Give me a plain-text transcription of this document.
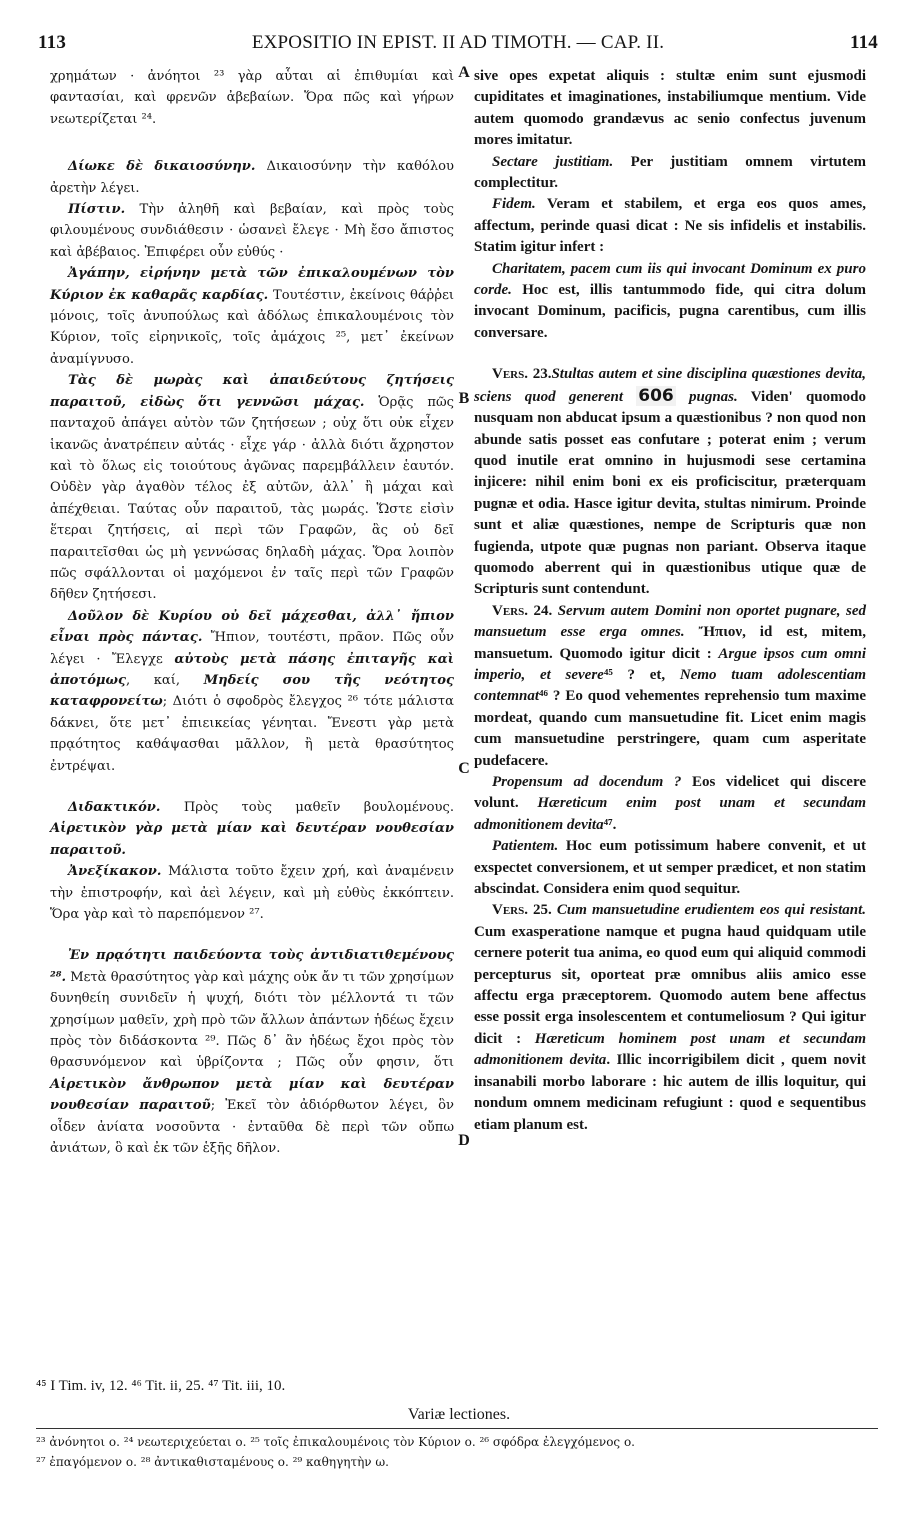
113	EXPOSITIO IN EPIST. II AD TIMOTH. — CAP. II.	114
A
B
C
D

χρημάτων · ἀνόητοι ²³ γὰρ αὗται αἱ ἐπιθυμίαι καὶ φαντασίαι, καὶ φρενῶν ἀβεβαίων. Ὅρα πῶς καὶ γήρων νεωτερίζεται ²⁴.

Δίωκε δὲ δικαιοσύνην. Δικαιοσύνην τὴν καθόλου ἀρετὴν λέγει.

Πίστιν. Τὴν ἀληθῆ καὶ βεβαίαν, καὶ πρὸς τοὺς φιλουμένους συνδιάθεσιν · ὡσανεὶ ἔλεγε · Μὴ ἔσο ἄπιστος καὶ ἀβέβαιος. Ἐπιφέρει οὖν εὐθύς ·

Ἀγάπην, εἰρήνην μετὰ τῶν ἐπικαλουμένων τὸν Κύριον ἐκ καθαρᾶς καρδίας. Τουτέστιν, ἐκείνοις θάῤῥει μόνοις, τοῖς ἀνυπούλως καὶ ἀδόλως ἐπικαλουμένοις τὸν Κύριον, τοῖς εἰρηνικοῖς, τοῖς ἀμάχοις ²⁵, μετ᾽ ἐκείνων ἀναμίγνυσο.

Τὰς δὲ μωρὰς καὶ ἀπαιδεύτους ζητήσεις παραιτοῦ, εἰδὼς ὅτι γεννῶσι μάχας. Ὁρᾷς πῶς πανταχοῦ ἀπάγει αὐτὸν τῶν ζητήσεων ; οὐχ ὅτι οὐκ εἶχεν ἱκανῶς ἀνατρέπειν αὐτάς · εἶχε γάρ · ἀλλὰ διότι ἄχρηστον καὶ τὸ ὅλως εἰς τοιούτους ἀγῶνας παρεμβάλλειν ἑαυτόν. Οὐδὲν γὰρ ἀγαθὸν τέλος ἐξ αὐτῶν, ἀλλ᾽ ἢ μάχαι καὶ ἀπέχθειαι. Ταύτας οὖν παραιτοῦ, τὰς μωράς. Ὥστε εἰσὶν ἕτεραι ζητήσεις, αἱ περὶ τῶν Γραφῶν, ἃς οὐ δεῖ παραιτεῖσθαι ὡς μὴ γεννώσας δηλαδὴ μάχας. Ὅρα λοιπὸν πῶς σφάλλονται οἱ μαχόμενοι ἐν ταῖς περὶ τῶν Γραφῶν δῆθεν ζητήσεσι.

Δοῦλον δὲ Κυρίου οὐ δεῖ μάχεσθαι, ἀλλ᾽ ἤπιον εἶναι πρὸς πάντας. Ἤπιον, τουτέστι, πρᾶον. Πῶς οὖν λέγει · Ἔλεγχε αὐτοὺς μετὰ πάσης ἐπιταγῆς καὶ ἀποτόμως, καί, Μηδείς σου τῆς νεότητος καταφρονείτω; Διότι ὁ σφοδρὸς ἔλεγχος ²⁶ τότε μάλιστα δάκνει, ὅτε μετ᾽ ἐπιεικείας γένηται. Ἔνεστι γὰρ μετὰ πρᾳότητος καθάψασθαι μᾶλλον, ἢ μετὰ θρασύτητος ἐντρέψαι.

Διδακτικόν. Πρὸς τοὺς μαθεῖν βουλομένους. Αἱρετικὸν γὰρ μετὰ μίαν καὶ δευτέραν νουθεσίαν παραιτοῦ.

Ἀνεξίκακον. Μάλιστα τοῦτο ἔχειν χρή, καὶ ἀναμένειν τὴν ἐπιστροφήν, καὶ ἀεὶ λέγειν, καὶ μὴ εὐθὺς ἐκκόπτειν. Ὅρα γὰρ καὶ τὸ παρεπόμενον ²⁷.

Ἐν πρᾳότητι παιδεύοντα τοὺς ἀντιδιατιθεμένους ²⁸. Μετὰ θρασύτητος γὰρ καὶ μάχης οὐκ ἄν τι τῶν χρησίμων δυνηθείη συνιδεῖν ἡ ψυχή, διότι τὸν μέλλοντά τι τῶν χρησίμων μαθεῖν, χρὴ πρὸ τῶν ἄλλων ἀπάντων ἡδέως ἔχειν πρὸς τὸν διδάσκοντα ²⁹. Πῶς δ᾽ ἂν ἡδέως ἔχοι πρὸς τὸν θρασυνόμενον καὶ ὑβρίζοντα ; Πῶς οὖν φησιν, ὅτι Αἱρετικὸν ἄνθρωπον μετὰ μίαν καὶ δευτέραν νουθεσίαν παραιτοῦ; Ἐκεῖ τὸν ἀδιόρθωτον λέγει, ὃν οἶδεν ἀνίατα νοσοῦντα · ἐνταῦθα δὲ περὶ τῶν οὔπω ἀνιάτων, ὃ καὶ ἐκ τῶν ἑξῆς δῆλον.

sive opes expetat aliquis : stultæ enim sunt ejusmodi cupiditates et imaginationes, instabiliumque mentium. Vide autem quomodo grandævus ac senio confectus juvenum mores imitatur.

Sectare justitiam. Per justitiam omnem virtutem complectitur.

Fidem. Veram et stabilem, et erga eos quos ames, affectum, perinde quasi dicat : Ne sis infidelis et instabilis. Statim igitur infert :

Charitatem, pacem cum iis qui invocant Dominum ex puro corde. Hoc est, illis tantummodo fide, qui citra dolum invocant Dominum, pacificis, pugna carentibus, cum illis conversare.

Vers. 23.Stultas autem et sine disciplina quæstiones devita, sciens quod generent 606 pugnas. Viden' quomodo nusquam non abducat ipsum a quæstionibus ? non quod non abunde satis posset eas confutare ; poterat enim ; verum quod inutile erat omnino in hujusmodi sese certamina injicere: nihil enim boni ex eis proficiscitur, præterquam pugnæ et odia. Hasce igitur devita, stultas nimirum. Proinde sunt et aliæ quæstiones, nempe de Scripturis quæ non fugienda, utpote quæ pugnas non pariant. Observa itaque quomodo aberrent qui in quæstionibus utique quæ de Scripturis sunt contendunt.

Vers. 24. Servum autem Domini non oportet pugnare, sed mansuetum esse erga omnes. Ἤπιον, id est, mitem, mansuetum. Quomodo igitur dicit : Argue ipsos cum omni imperio, et severe⁴⁵ ? et, Nemo tuam adolescentiam contemnat⁴⁶ ? Eo quod vehementes reprehensio tum maxime mordeat, quando cum mansuetudine fit. Licet enim magis cum mansuetudine perstringere, quam cum asperitate pudefacere.

Propensum ad docendum ? Eos videlicet qui discere volunt. Hæreticum enim post unam et secundam admonitionem devita⁴⁷.

Patientem. Hoc eum potissimum habere convenit, et ut exspectet conversionem, et ut semper prædicet, et non statim abscindat. Considera enim quod sequitur.

Vers. 25. Cum mansuetudine erudientem eos qui resistant. Cum exasperatione namque et pugna haud quidquam utile cernere poterit tua anima, eo quod eum qui aliquid commodi percepturus sit, oporteat præ omnibus aliis amico esse affectu erga præceptorem. Quomodo autem bene affectus esse possit erga insolescentem et contumeliosum ? Qui igitur dicit : Hæreticum hominem post unam et secundam admonitionem devita. Illic incorrigibilem dicit , quem novit insanabili morbo laborare : hic autem de illis loquitur, qui nondum omnem medicinam refugiunt : quod e sequentibus etiam planum est.

⁴⁵ I Tim. iv, 12. ⁴⁶ Tit. ii, 25. ⁴⁷ Tit. iii, 10.
Variæ lectiones.
²³ ἀνόνητοι ο. ²⁴ νεωτεριχεύεται ο. ²⁵ τοῖς ἐπικαλουμένοις τὸν Κύριον ο. ²⁶ σφόδρα ἐλεγχόμενος ο.
²⁷ ἐπαγόμενον ο. ²⁸ ἀντικαθισταμένους ο. ²⁹ καθηγητὴν ω.
